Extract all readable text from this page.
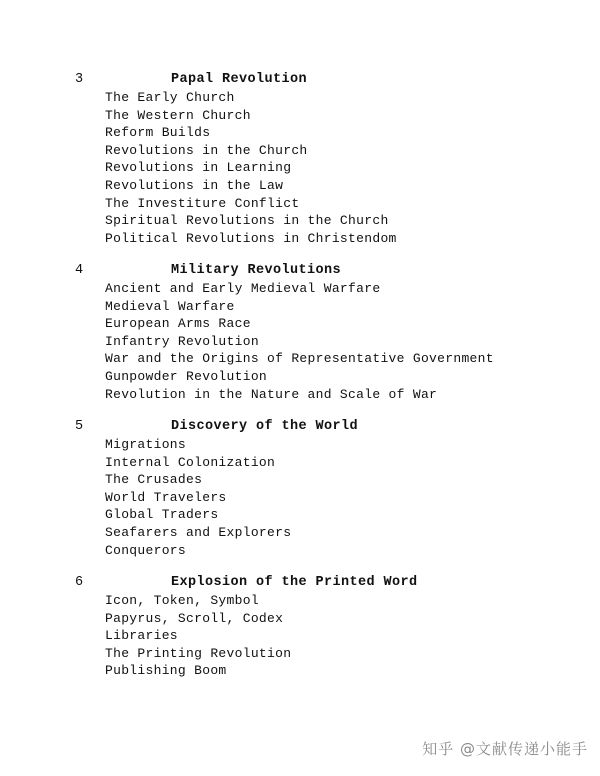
3	Papal Revolution
The Early Church
The Western Church
Reform Builds
Revolutions in the Church
Revolutions in Learning
Revolutions in the Law
The Investiture Conflict
Spiritual Revolutions in the Church
Political Revolutions in Christendom
4	Military Revolutions
Ancient and Early Medieval Warfare
Medieval Warfare
European Arms Race
Infantry Revolution
War and the Origins of Representative Government
Gunpowder Revolution
Revolution in the Nature and Scale of War
5	Discovery of the World
Migrations
Internal Colonization
The Crusades
World Travelers
Global Traders
Seafarers and Explorers
Conquerors
6	Explosion of the Printed Word
Icon, Token, Symbol
Papyrus, Scroll, Codex
Libraries
The Printing Revolution
Publishing Boom
知乎 @文献传递小能手
